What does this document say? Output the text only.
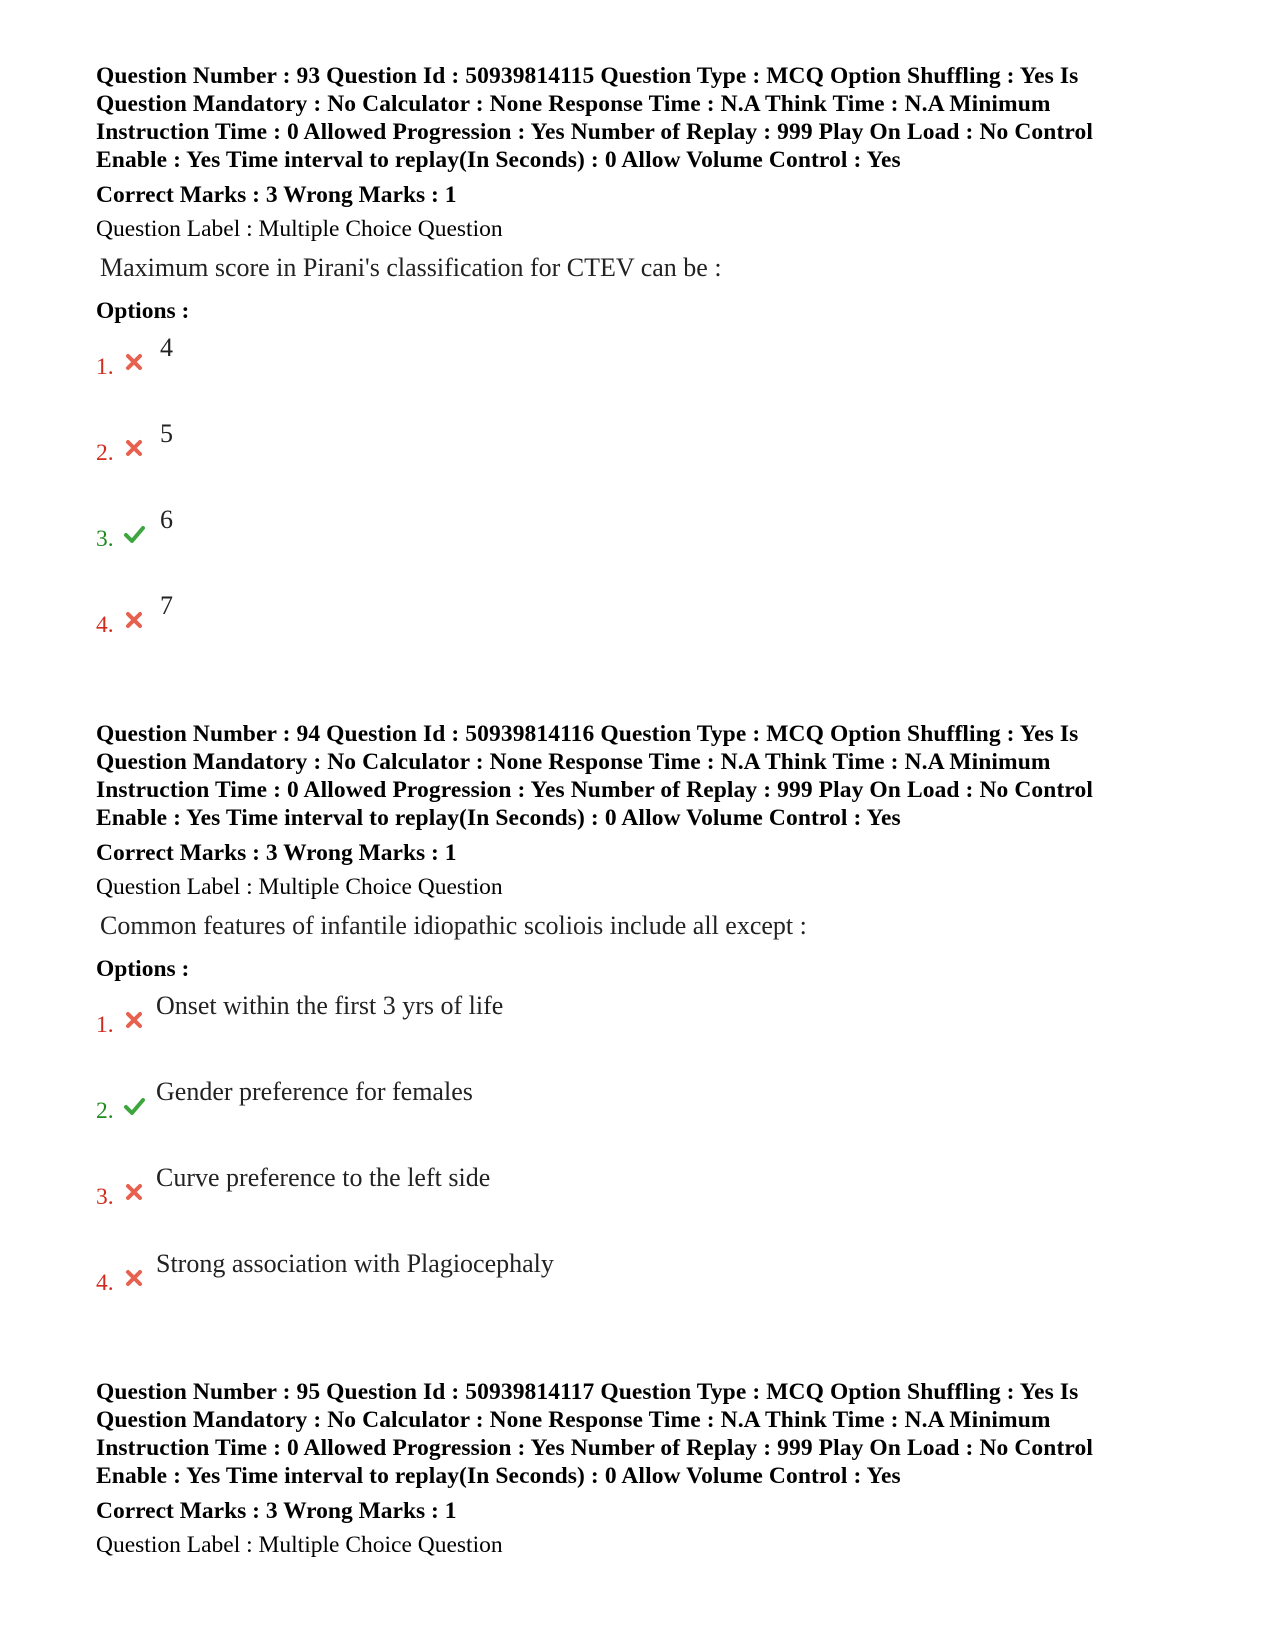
Question Number : 93 Question Id : 50939814115 Question Type : MCQ Option Shuffling : Yes Is
Question Mandatory : No Calculator : None Response Time : N.A Think Time : N.A Minimum
Instruction Time : 0 Allowed Progression : Yes Number of Replay : 999 Play On Load : No Control
Enable : Yes Time interval to replay(In Seconds) : 0 Allow Volume Control : Yes

Correct Marks : 3 Wrong Marks : 1
Question Label : Multiple Choice Question
Maximum score in Pirani's classification for CTEV can be :
Options :
1.
4
2.
5
3.
6
4.
7

Question Number : 94 Question Id : 50939814116 Question Type : MCQ Option Shuffling : Yes Is
Question Mandatory : No Calculator : None Response Time : N.A Think Time : N.A Minimum
Instruction Time : 0 Allowed Progression : Yes Number of Replay : 999 Play On Load : No Control
Enable : Yes Time interval to replay(In Seconds) : 0 Allow Volume Control : Yes

Correct Marks : 3 Wrong Marks : 1
Question Label : Multiple Choice Question
Common features of infantile idiopathic scoliois include all except :
Options :
1.
Onset within the first 3 yrs of life
2.
Gender preference for females
3.
Curve preference to the left side
4.
Strong association with Plagiocephaly

Question Number : 95 Question Id : 50939814117 Question Type : MCQ Option Shuffling : Yes Is
Question Mandatory : No Calculator : None Response Time : N.A Think Time : N.A Minimum
Instruction Time : 0 Allowed Progression : Yes Number of Replay : 999 Play On Load : No Control
Enable : Yes Time interval to replay(In Seconds) : 0 Allow Volume Control : Yes

Correct Marks : 3 Wrong Marks : 1
Question Label : Multiple Choice Question
